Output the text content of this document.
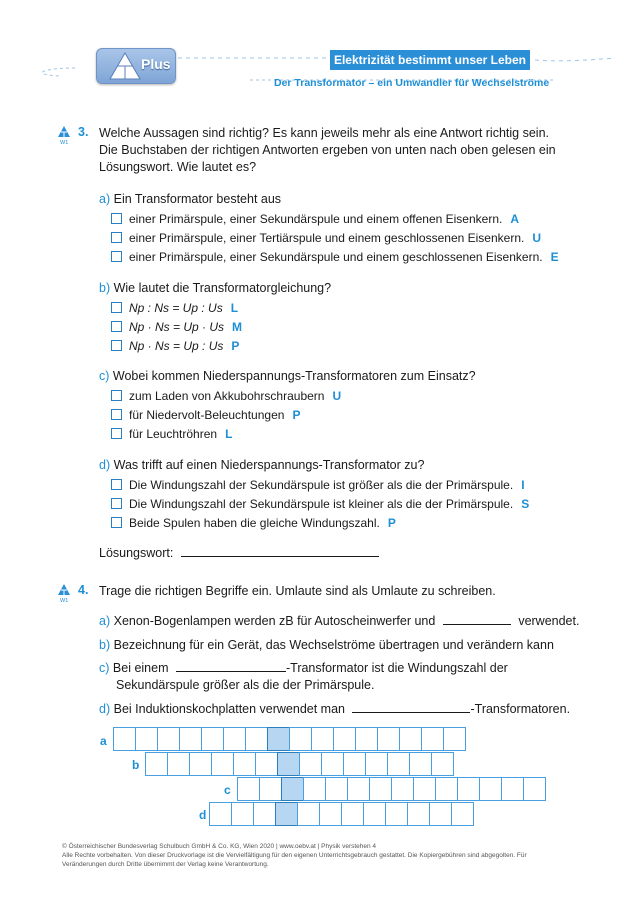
Plus	Elektrizität bestimmt unser Leben
Der Transformator – ein Umwandler für Wechselströme
W1
3. Welche Aussagen sind richtig? Es kann jeweils mehr als eine Antwort richtig sein.
Die Buchstaben der richtigen Antworten ergeben von unten nach oben gelesen ein
Lösungswort. Wie lautet es?
a) Ein Transformator besteht aus
einer Primärspule, einer Sekundärspule und einem offenen Eisenkern. A
einer Primärspule, einer Tertiärspule und einem geschlossenen Eisenkern. U
einer Primärspule, einer Sekundärspule und einem geschlossenen Eisenkern. E
b) Wie lautet die Transformatorgleichung?
Np : Ns = Up : Us L
Np · Ns = Up · Us M
Np · Ns = Up : Us P
c) Wobei kommen Niederspannungs-Transformatoren zum Einsatz?
zum Laden von Akkubohrschraubern U
für Niedervolt-Beleuchtungen P
für Leuchtröhren L
d) Was trifft auf einen Niederspannungs-Transformator zu?
Die Windungszahl der Sekundärspule ist größer als die der Primärspule. I
Die Windungszahl der Sekundärspule ist kleiner als die der Primärspule. S
Beide Spulen haben die gleiche Windungszahl. P
Lösungswort:
W1
4. Trage die richtigen Begriffe ein. Umlaute sind als Umlaute zu schreiben.
a) Xenon-Bogenlampen werden zB für Autoscheinwerfer und	verwendet.
b) Bezeichnung für ein Gerät, das Wechselströme übertragen und verändern kann
c) Bei einem	-Transformator ist die Windungszahl der
Sekundärspule größer als die der Primärspule.
d) Bei Induktionskochplatten verwendet man	-Transformatoren.
a
b
c
d
© Österreichischer Bundesverlag Schulbuch GmbH & Co. KG, Wien 2020 | www.oebv.at | Physik verstehen 4
Alle Rechte vorbehalten. Von dieser Druckvorlage ist die Vervielfältigung für den eigenen Unterrichtsgebrauch gestattet. Die Kopiergebühren sind abgegolten. Für
Veränderungen durch Dritte übernimmt der Verlag keine Verantwortung.
